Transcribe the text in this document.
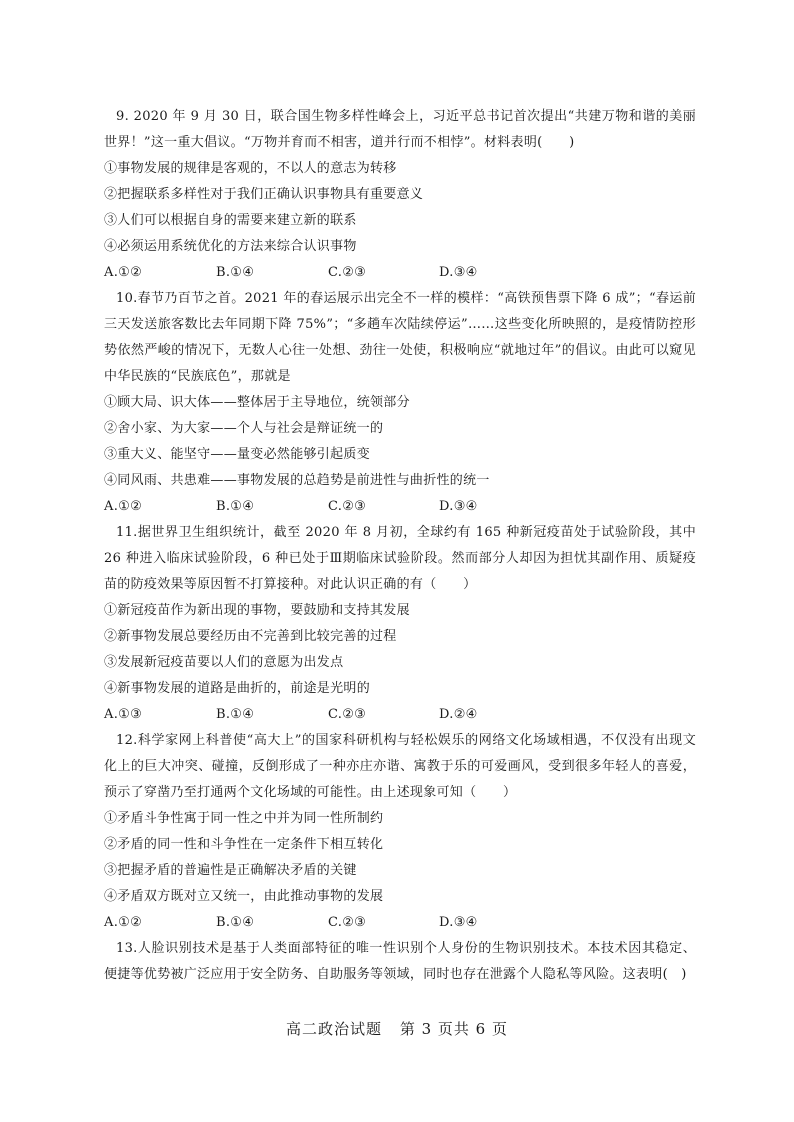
9. 2020 年 9 月 30 日，联合国生物多样性峰会上，习近平总书记首次提出“共建万物和谐的美丽世界！”这一重大倡议。“万物并育而不相害，道并行而不相悖”。材料表明(　　)
①事物发展的规律是客观的，不以人的意志为转移
②把握联系多样性对于我们正确认识事物具有重要意义
③人们可以根据自身的需要来建立新的联系
④必须运用系统优化的方法来综合认识事物
A.①②	B.①④	C.②③	D.③④
10.春节乃百节之首。2021 年的春运展示出完全不一样的模样：“高铁预售票下降 6 成”；“春运前三天发送旅客数比去年同期下降 75%”；“多趟车次陆续停运”……这些变化所映照的，是疫情防控形势依然严峻的情况下，无数人心往一处想、劲往一处使，积极响应“就地过年”的倡议。由此可以窥见中华民族的“民族底色”，那就是
①顾大局、识大体——整体居于主导地位，统领部分
②舍小家、为大家——个人与社会是辩证统一的
③重大义、能坚守——量变必然能够引起质变
④同风雨、共患难——事物发展的总趋势是前进性与曲折性的统一
A.①②	B.①④	C.②③	D.③④
11.据世界卫生组织统计，截至 2020 年 8 月初，全球约有 165 种新冠疫苗处于试验阶段，其中 26 种进入临床试验阶段，6 种已处于Ⅲ期临床试验阶段。然而部分人却因为担忧其副作用、质疑疫苗的防疫效果等原因暂不打算接种。对此认识正确的有（　　）
①新冠疫苗作为新出现的事物，要鼓励和支持其发展
②新事物发展总要经历由不完善到比较完善的过程
③发展新冠疫苗要以人们的意愿为出发点
④新事物发展的道路是曲折的，前途是光明的
A.①③	B.①④	C.②③	D.②④
12.科学家网上科普使“高大上”的国家科研机构与轻松娱乐的网络文化场域相遇，不仅没有出现文化上的巨大冲突、碰撞，反倒形成了一种亦庄亦谐、寓教于乐的可爱画风，受到很多年轻人的喜爱，预示了穿凿乃至打通两个文化场域的可能性。由上述现象可知（　　）
①矛盾斗争性寓于同一性之中并为同一性所制约
②矛盾的同一性和斗争性在一定条件下相互转化
③把握矛盾的普遍性是正确解决矛盾的关键
④矛盾双方既对立又统一，由此推动事物的发展
A.①②	B.①④	C.②③	D.③④
13.人脸识别技术是基于人类面部特征的唯一性识别个人身份的生物识别技术。本技术因其稳定、便捷等优势被广泛应用于安全防务、自助服务等领域，同时也存在泄露个人隐私等风险。这表明(　)
高二政治试题 第 3 页共 6 页
